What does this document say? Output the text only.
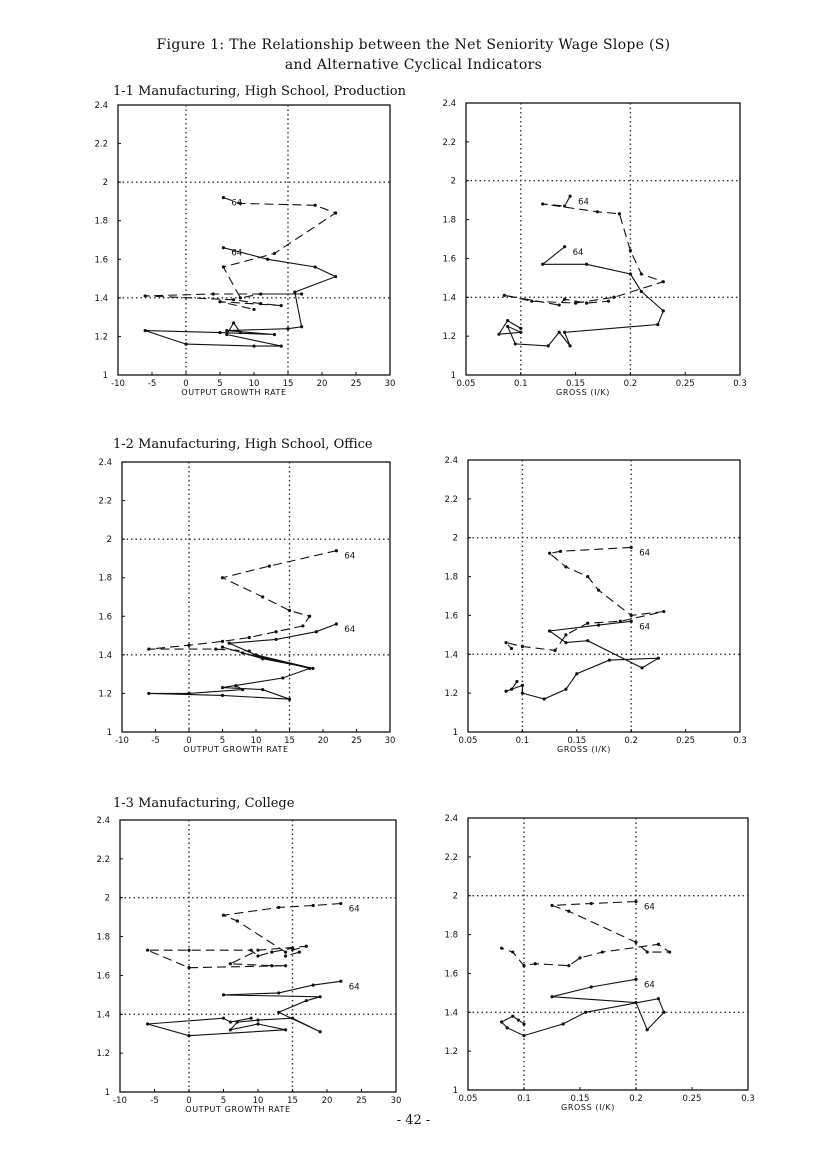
Figure 1: The Relationship between the Net Seniority Wage Slope (S)
and Alternative Cyclical Indicators
1-1 Manufacturing, High School, Production
1-2 Manufacturing, High School, Office
1-3 Manufacturing, College
-10	-5	0	5	10	15	20	25	30
1
1.2
1.4
1.6
1.8
2
2.2
2.4
OUTPUT GROWTH RATE
64
64
0.05	0.1	0.15	0.2	0.25	0.3
1
1.2
1.4
1.6
1.8
2
2.2
2.4
GROSS (I/K)
64
64
-10	-5	0	5	10	15	20	25	30
1
1.2
1.4
1.6
1.8
2
2.2
2.4
OUTPUT GROWTH RATE
64
64
0.05	0.1	0.15	0.2	0.25	0.3
1
1.2
1.4
1.6
1.8
2
2.2
2.4
GROSS (I/K)
64
64
-10	-5	0	5	10	15	20	25	30
1
1.2
1.4
1.6
1.8
2
2.2
2.4
OUTPUT GROWTH RATE
64
64
0.05	0.1	0.15	0.2	0.25	0.3
1
1.2
1.4
1.6
1.8
2
2.2
2.4
GROSS (I/K)
64
64
- 42 -
